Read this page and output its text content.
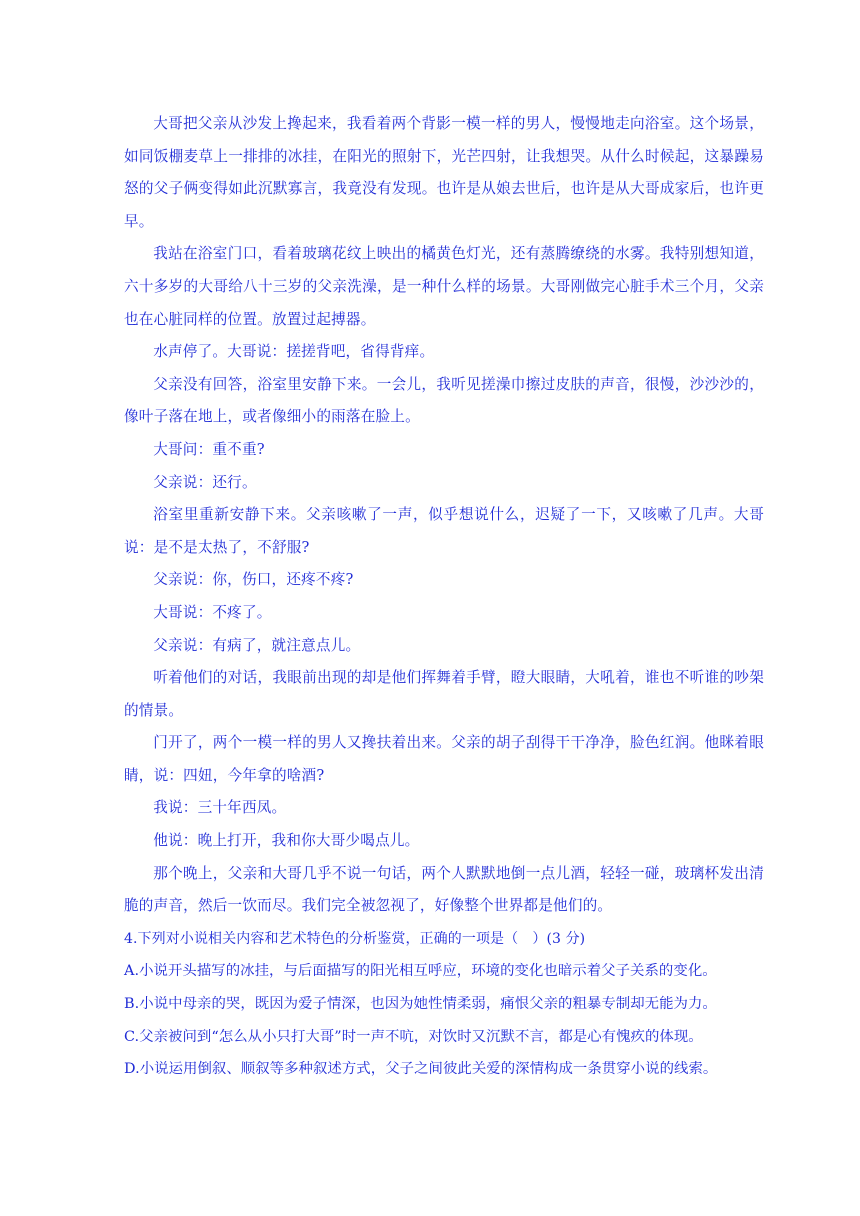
大哥把父亲从沙发上搀起来，我看着两个背影一模一样的男人，慢慢地走向浴室。这个场景，如同饭棚麦草上一排排的冰挂，在阳光的照射下，光芒四射，让我想哭。从什么时候起，这暴躁易怒的父子俩变得如此沉默寡言，我竟没有发现。也许是从娘去世后，也许是从大哥成家后，也许更早。

我站在浴室门口，看着玻璃花纹上映出的橘黄色灯光，还有蒸腾缭绕的水雾。我特别想知道，六十多岁的大哥给八十三岁的父亲洗澡，是一种什么样的场景。大哥刚做完心脏手术三个月，父亲也在心脏同样的位置。放置过起搏器。

水声停了。大哥说：搓搓背吧，省得背痒。

父亲没有回答，浴室里安静下来。一会儿，我听见搓澡巾擦过皮肤的声音，很慢，沙沙沙的，像叶子落在地上，或者像细小的雨落在脸上。

大哥问：重不重?

父亲说：还行。

浴室里重新安静下来。父亲咳嗽了一声，似乎想说什么，迟疑了一下，又咳嗽了几声。大哥说：是不是太热了，不舒服?

父亲说：你，伤口，还疼不疼?

大哥说：不疼了。

父亲说：有病了，就注意点儿。

听着他们的对话，我眼前出现的却是他们挥舞着手臂，瞪大眼睛，大吼着，谁也不听谁的吵架的情景。

门开了，两个一模一样的男人又搀扶着出来。父亲的胡子刮得干干净净，脸色红润。他眯着眼睛，说：四妞，今年拿的啥酒?

我说：三十年西凤。

他说：晚上打开，我和你大哥少喝点儿。

那个晚上，父亲和大哥几乎不说一句话，两个人默默地倒一点儿酒，轻轻一碰，玻璃杯发出清脆的声音，然后一饮而尽。我们完全被忽视了，好像整个世界都是他们的。

4.下列对小说相关内容和艺术特色的分析鉴赏，正确的一项是（　）(3 分)

A.小说开头描写的冰挂，与后面描写的阳光相互呼应，环境的变化也暗示着父子关系的变化。

B.小说中母亲的哭，既因为爱子情深，也因为她性情柔弱，痛恨父亲的粗暴专制却无能为力。

C.父亲被问到“怎么从小只打大哥”时一声不吭，对饮时又沉默不言，都是心有愧疚的体现。

D.小说运用倒叙、顺叙等多种叙述方式，父子之间彼此关爱的深情构成一条贯穿小说的线索。
